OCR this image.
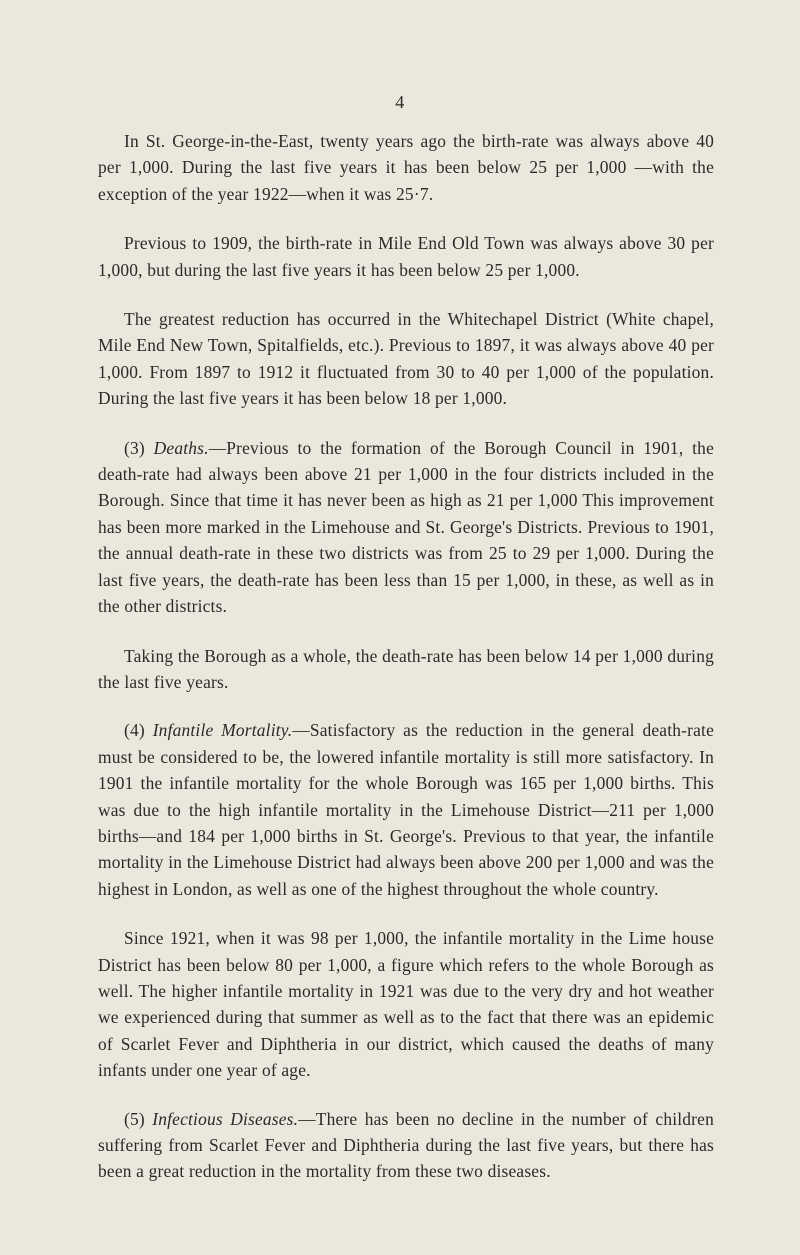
4

In St. George-in-the-East, twenty years ago the birth-rate was always above 40 per 1,000. During the last five years it has been below 25 per 1,000 —with the exception of the year 1922—when it was 25·7.

Previous to 1909, the birth-rate in Mile End Old Town was always above 30 per 1,000, but during the last five years it has been below 25 per 1,000.

The greatest reduction has occurred in the Whitechapel District (White chapel, Mile End New Town, Spitalfields, etc.). Previous to 1897, it was always above 40 per 1,000. From 1897 to 1912 it fluctuated from 30 to 40 per 1,000 of the population. During the last five years it has been below 18 per 1,000.

(3) Deaths.—Previous to the formation of the Borough Council in 1901, the death-rate had always been above 21 per 1,000 in the four districts included in the Borough. Since that time it has never been as high as 21 per 1,000 This improvement has been more marked in the Limehouse and St. George's Districts. Previous to 1901, the annual death-rate in these two districts was from 25 to 29 per 1,000. During the last five years, the death-rate has been less than 15 per 1,000, in these, as well as in the other districts.

Taking the Borough as a whole, the death-rate has been below 14 per 1,000 during the last five years.

(4) Infantile Mortality.—Satisfactory as the reduction in the general death-rate must be considered to be, the lowered infantile mortality is still more satisfactory. In 1901 the infantile mortality for the whole Borough was 165 per 1,000 births. This was due to the high infantile mortality in the Limehouse District—211 per 1,000 births—and 184 per 1,000 births in St. George's. Previous to that year, the infantile mortality in the Limehouse District had always been above 200 per 1,000 and was the highest in London, as well as one of the highest throughout the whole country.

Since 1921, when it was 98 per 1,000, the infantile mortality in the Lime house District has been below 80 per 1,000, a figure which refers to the whole Borough as well. The higher infantile mortality in 1921 was due to the very dry and hot weather we experienced during that summer as well as to the fact that there was an epidemic of Scarlet Fever and Diphtheria in our district, which caused the deaths of many infants under one year of age.

(5) Infectious Diseases.—There has been no decline in the number of children suffering from Scarlet Fever and Diphtheria during the last five years, but there has been a great reduction in the mortality from these two diseases.
